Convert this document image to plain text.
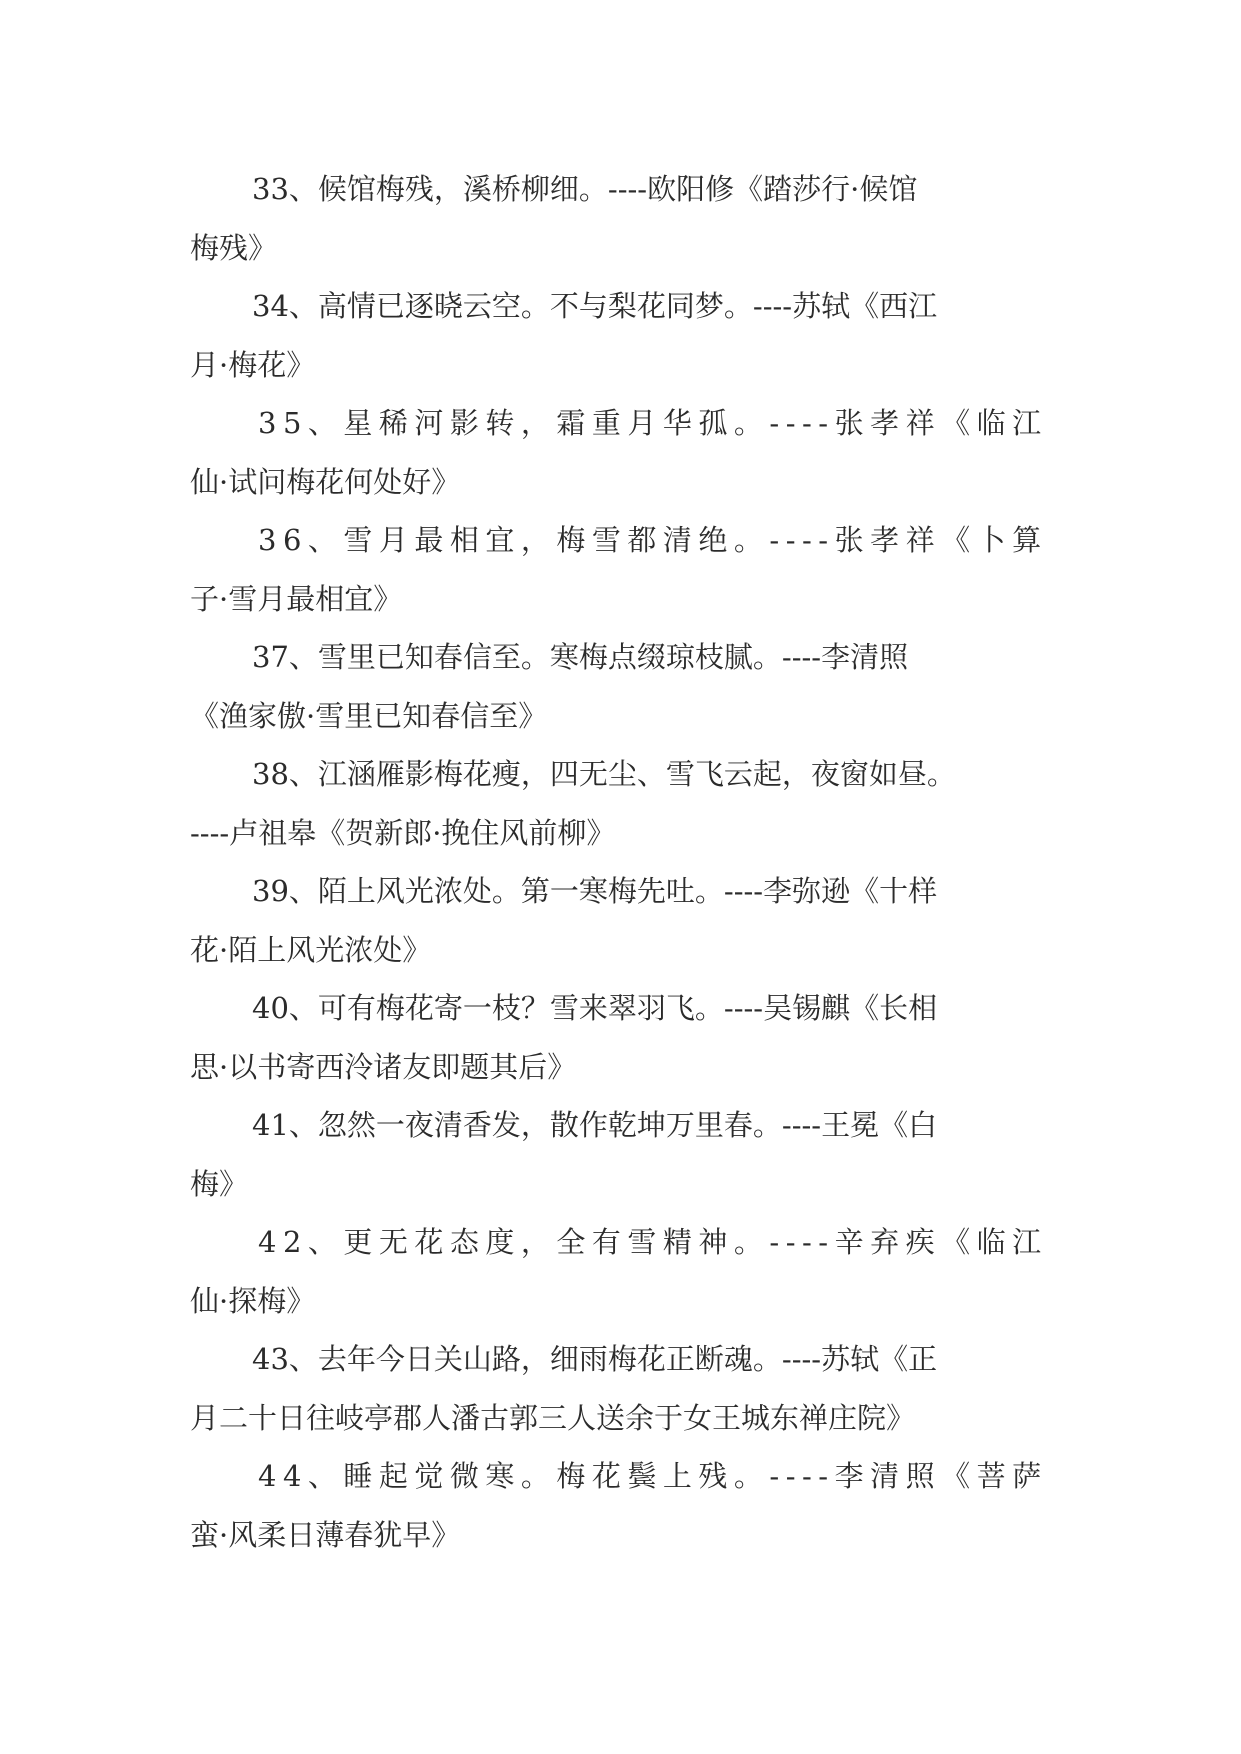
33、候馆梅残，溪桥柳细。----欧阳修《踏莎行·候馆
梅残》
34、高情已逐晓云空。不与梨花同梦。----苏轼《西江
月·梅花》
35、星稀河影转，霜重月华孤。----张孝祥《临江
仙·试问梅花何处好》
36、雪月最相宜，梅雪都清绝。----张孝祥《卜算
子·雪月最相宜》
37、雪里已知春信至。寒梅点缀琼枝腻。----李清照
《渔家傲·雪里已知春信至》
38、江涵雁影梅花瘦，四无尘、雪飞云起，夜窗如昼。
----卢祖皋《贺新郎·挽住风前柳》
39、陌上风光浓处。第一寒梅先吐。----李弥逊《十样
花·陌上风光浓处》
40、可有梅花寄一枝？雪来翠羽飞。----吴锡麒《长相
思·以书寄西泠诸友即题其后》
41、忽然一夜清香发，散作乾坤万里春。----王冕《白
梅》
42、更无花态度，全有雪精神。----辛弃疾《临江
仙·探梅》
43、去年今日关山路，细雨梅花正断魂。----苏轼《正
月二十日往岐亭郡人潘古郭三人送余于女王城东禅庄院》
44、睡起觉微寒。梅花鬓上残。----李清照《菩萨
蛮·风柔日薄春犹早》
